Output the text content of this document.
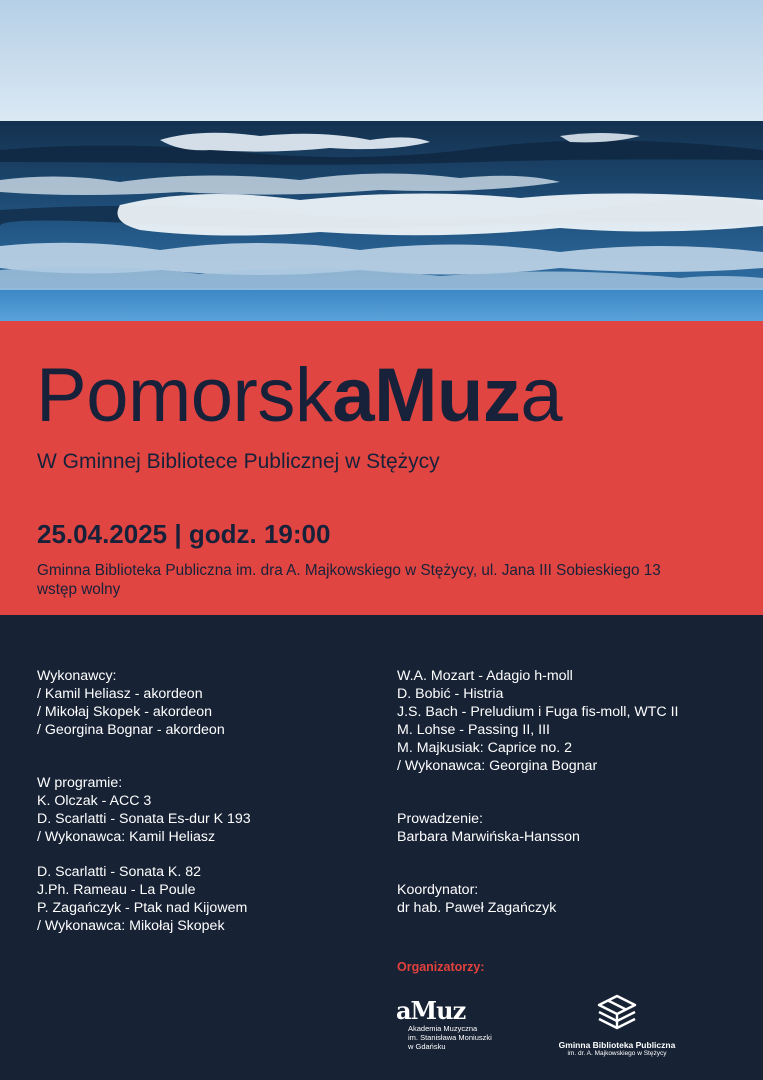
PomorskaMuza
W Gminnej Bibliotece Publicznej w Stężycy
25.04.2025 | godz. 19:00
Gminna Biblioteka Publiczna im. dra A. Majkowskiego w Stężycy, ul. Jana III Sobieskiego 13
wstęp wolny
Wykonawcy:
/ Kamil Heliasz - akordeon
/ Mikołaj Skopek - akordeon
/ Georgina Bognar - akordeon
W programie:
K. Olczak - ACC 3
D. Scarlatti - Sonata Es-dur K 193
/ Wykonawca: Kamil Heliasz
D. Scarlatti - Sonata K. 82
J.Ph. Rameau - La Poule
P. Zagańczyk - Ptak nad Kijowem
/ Wykonawca: Mikołaj Skopek
W.A. Mozart - Adagio h-moll
D. Bobić - Histria
J.S. Bach - Preludium i Fuga fis-moll, WTC II
M. Lohse - Passing II, III
M. Majkusiak: Caprice no. 2
/ Wykonawca: Georgina Bognar
Prowadzenie:
Barbara Marwińska-Hansson
Koordynator:
dr hab. Paweł Zagańczyk
Organizatorzy:
aMuz
Akademia Muzyczna
im. Stanisława Moniuszki
w Gdańsku	Gminna Biblioteka Publiczna
im. dr. A. Majkowskiego w Stężycy
